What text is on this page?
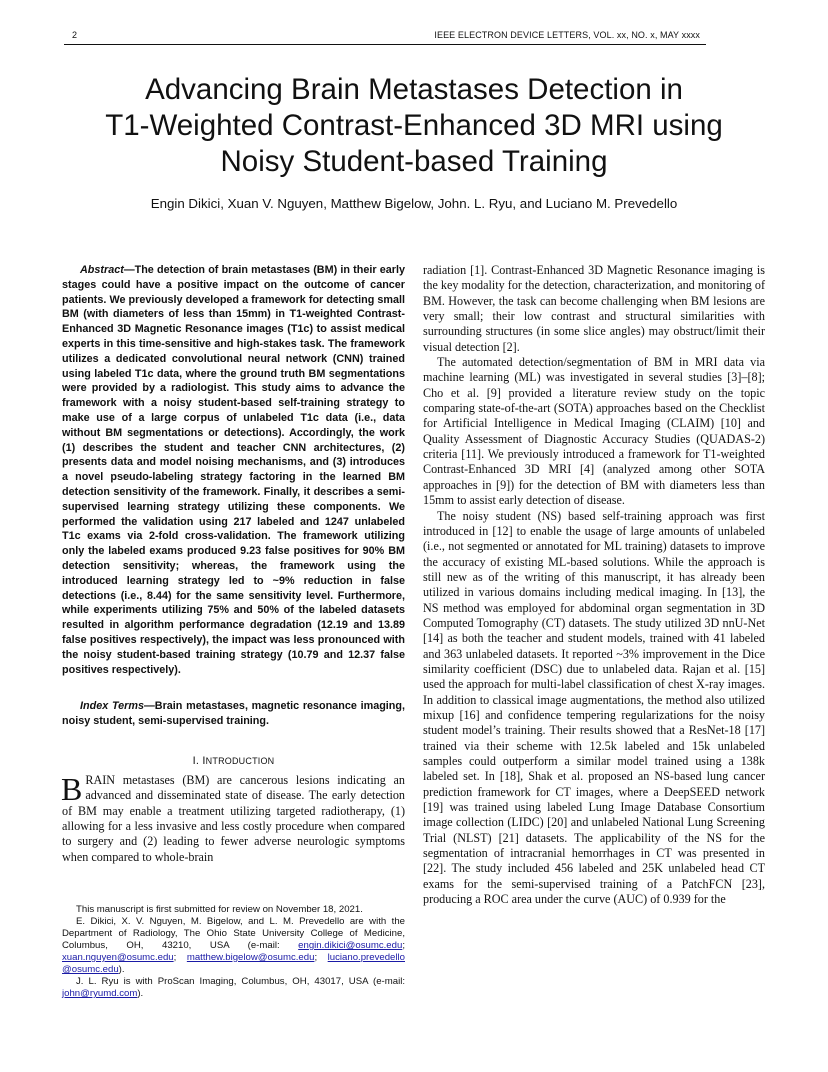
2	IEEE ELECTRON DEVICE LETTERS, VOL. xx, NO. x, MAY xxxx
Advancing Brain Metastases Detection in
T1-Weighted Contrast-Enhanced 3D MRI using
Noisy Student-based Training
Engin Dikici, Xuan V. Nguyen, Matthew Bigelow, John. L. Ryu, and Luciano M. Prevedello

Abstract—The detection of brain metastases (BM) in their early stages could have a positive impact on the outcome of cancer patients. We previously developed a framework for detecting small BM (with diameters of less than 15mm) in T1-weighted Contrast-Enhanced 3D Magnetic Resonance images (T1c) to assist medical experts in this time-sensitive and high-stakes task. The framework utilizes a dedicated convolutional neural network (CNN) trained using labeled T1c data, where the ground truth BM segmentations were provided by a radiologist. This study aims to advance the framework with a noisy student-based self-training strategy to make use of a large corpus of unlabeled T1c data (i.e., data without BM segmentations or detections). Accordingly, the work (1) describes the student and teacher CNN architectures, (2) presents data and model noising mechanisms, and (3) introduces a novel pseudo-labeling strategy factoring in the learned BM detection sensitivity of the framework. Finally, it describes a semi-supervised learning strategy utilizing these components. We performed the validation using 217 labeled and 1247 unlabeled T1c exams via 2-fold cross-validation. The framework utilizing only the labeled exams produced 9.23 false positives for 90% BM detection sensitivity; whereas, the framework using the introduced learning strategy led to ~9% reduction in false detections (i.e., 8.44) for the same sensitivity level. Furthermore, while experiments utilizing 75% and 50% of the labeled datasets resulted in algorithm performance degradation (12.19 and 13.89 false positives respectively), the impact was less pronounced with the noisy student-based training strategy (10.79 and 12.37 false positives respectively).

Index Terms—Brain metastases, magnetic resonance imaging, noisy student, semi-supervised training.

I. INTRODUCTION

BRAIN metastases (BM) are cancerous lesions indicating an advanced and disseminated state of disease. The early detection of BM may enable a treatment utilizing targeted radiotherapy, (1) allowing for a less invasive and less costly procedure when compared to surgery and (2) leading to fewer adverse neurologic symptoms when compared to whole-brain

This manuscript is first submitted for review on November 18, 2021.

E. Dikici, X. V. Nguyen, M. Bigelow, and L. M. Prevedello are with the Department of Radiology, The Ohio State University College of Medicine, Columbus, OH, 43210, USA (e-mail: engin.dikici@osumc.edu; xuan.nguyen@osumc.edu; matthew.bigelow@osumc.edu; luciano.prevedello @osumc.edu).

J. L. Ryu is with ProScan Imaging, Columbus, OH, 43017, USA (e-mail: john@ryumd.com).

radiation [1]. Contrast-Enhanced 3D Magnetic Resonance imaging is the key modality for the detection, characterization, and monitoring of BM. However, the task can become challenging when BM lesions are very small; their low contrast and structural similarities with surrounding structures (in some slice angles) may obstruct/limit their visual detection [2].

The automated detection/segmentation of BM in MRI data via machine learning (ML) was investigated in several studies [3]–[8]; Cho et al. [9] provided a literature review study on the topic comparing state-of-the-art (SOTA) approaches based on the Checklist for Artificial Intelligence in Medical Imaging (CLAIM) [10] and Quality Assessment of Diagnostic Accuracy Studies (QUADAS-2) criteria [11]. We previously introduced a framework for T1-weighted Contrast-Enhanced 3D MRI [4] (analyzed among other SOTA approaches in [9]) for the detection of BM with diameters less than 15mm to assist early detection of disease.

The noisy student (NS) based self-training approach was first introduced in [12] to enable the usage of large amounts of unlabeled (i.e., not segmented or annotated for ML training) datasets to improve the accuracy of existing ML-based solutions. While the approach is still new as of the writing of this manuscript, it has already been utilized in various domains including medical imaging. In [13], the NS method was employed for abdominal organ segmentation in 3D Computed Tomography (CT) datasets. The study utilized 3D nnU-Net [14] as both the teacher and student models, trained with 41 labeled and 363 unlabeled datasets. It reported ~3% improvement in the Dice similarity coefficient (DSC) due to unlabeled data. Rajan et al. [15] used the approach for multi-label classification of chest X-ray images. In addition to classical image augmentations, the method also utilized mixup [16] and confidence tempering regularizations for the noisy student model’s training. Their results showed that a ResNet-18 [17] trained via their scheme with 12.5k labeled and 15k unlabeled samples could outperform a similar model trained using a 138k labeled set. In [18], Shak et al. proposed an NS-based lung cancer prediction framework for CT images, where a DeepSEED network [19] was trained using labeled Lung Image Database Consortium image collection (LIDC) [20] and unlabeled National Lung Screening Trial (NLST) [21] datasets. The applicability of the NS for the segmentation of intracranial hemorrhages in CT was presented in [22]. The study included 456 labeled and 25K unlabeled head CT exams for the semi-supervised training of a PatchFCN [23], producing a ROC area under the curve (AUC) of 0.939 for the
